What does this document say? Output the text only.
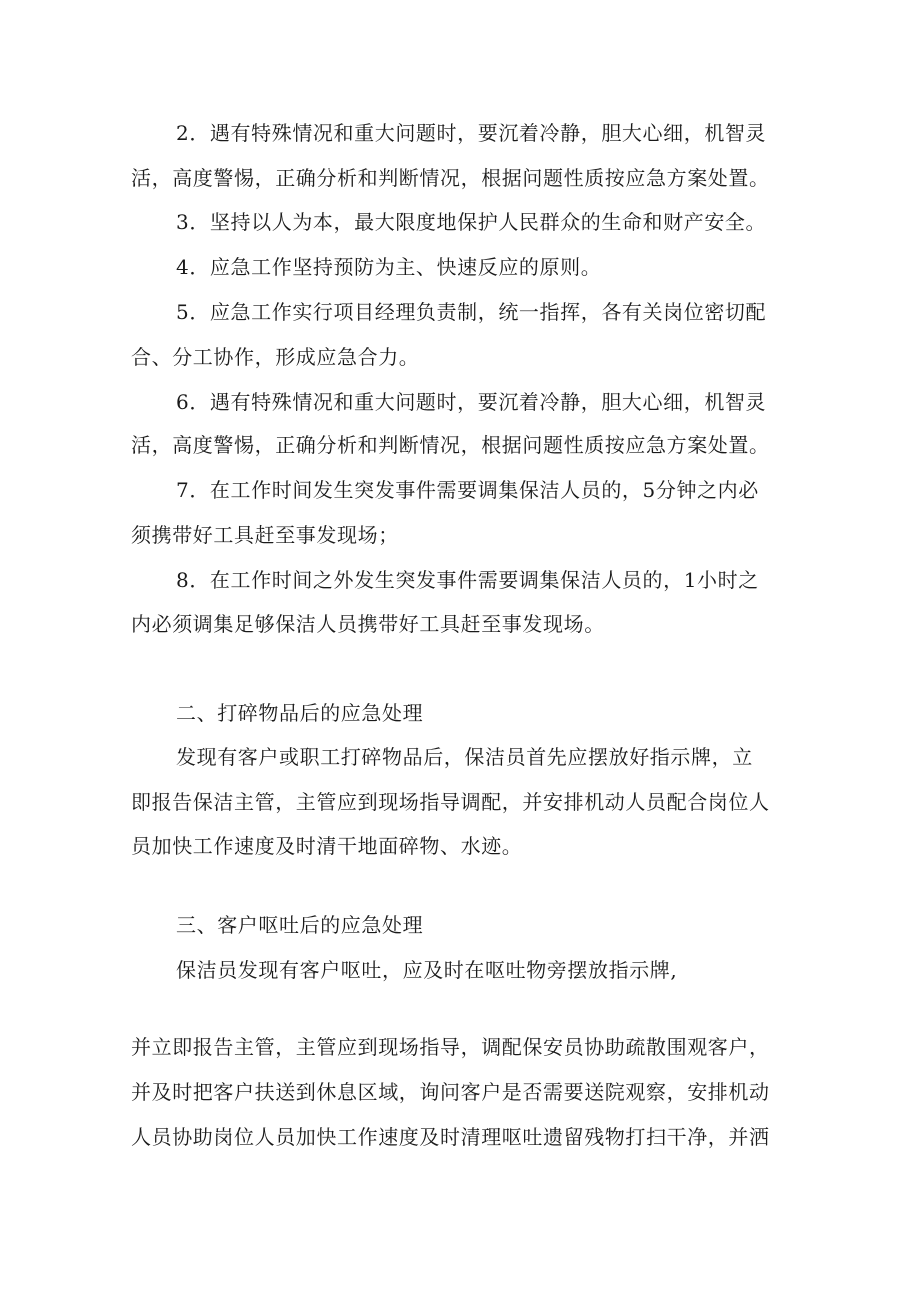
2．遇有特殊情况和重大问题时，要沉着冷静，胆大心细，机智灵
活，高度警惕，正确分析和判断情况，根据问题性质按应急方案处置。
3．坚持以人为本，最大限度地保护人民群众的生命和财产安全。
4．应急工作坚持预防为主、快速反应的原则。
5．应急工作实行项目经理负责制，统一指挥，各有关岗位密切配
合、分工协作，形成应急合力。
6．遇有特殊情况和重大问题时，要沉着冷静，胆大心细，机智灵
活，高度警惕，正确分析和判断情况，根据问题性质按应急方案处置。
7．在工作时间发生突发事件需要调集保洁人员的，5分钟之内必
须携带好工具赶至事发现场；
8．在工作时间之外发生突发事件需要调集保洁人员的，1小时之
内必须调集足够保洁人员携带好工具赶至事发现场。
二、打碎物品后的应急处理
发现有客户或职工打碎物品后，保洁员首先应摆放好指示牌，立
即报告保洁主管，主管应到现场指导调配，并安排机动人员配合岗位人
员加快工作速度及时清干地面碎物、水迹。
三、客户呕吐后的应急处理
保洁员发现有客户呕吐，应及时在呕吐物旁摆放指示牌,
并立即报告主管，主管应到现场指导，调配保安员协助疏散围观客户，
并及时把客户扶送到休息区域，询问客户是否需要送院观察，安排机动
人员协助岗位人员加快工作速度及时清理呕吐遗留残物打扫干净，并洒
